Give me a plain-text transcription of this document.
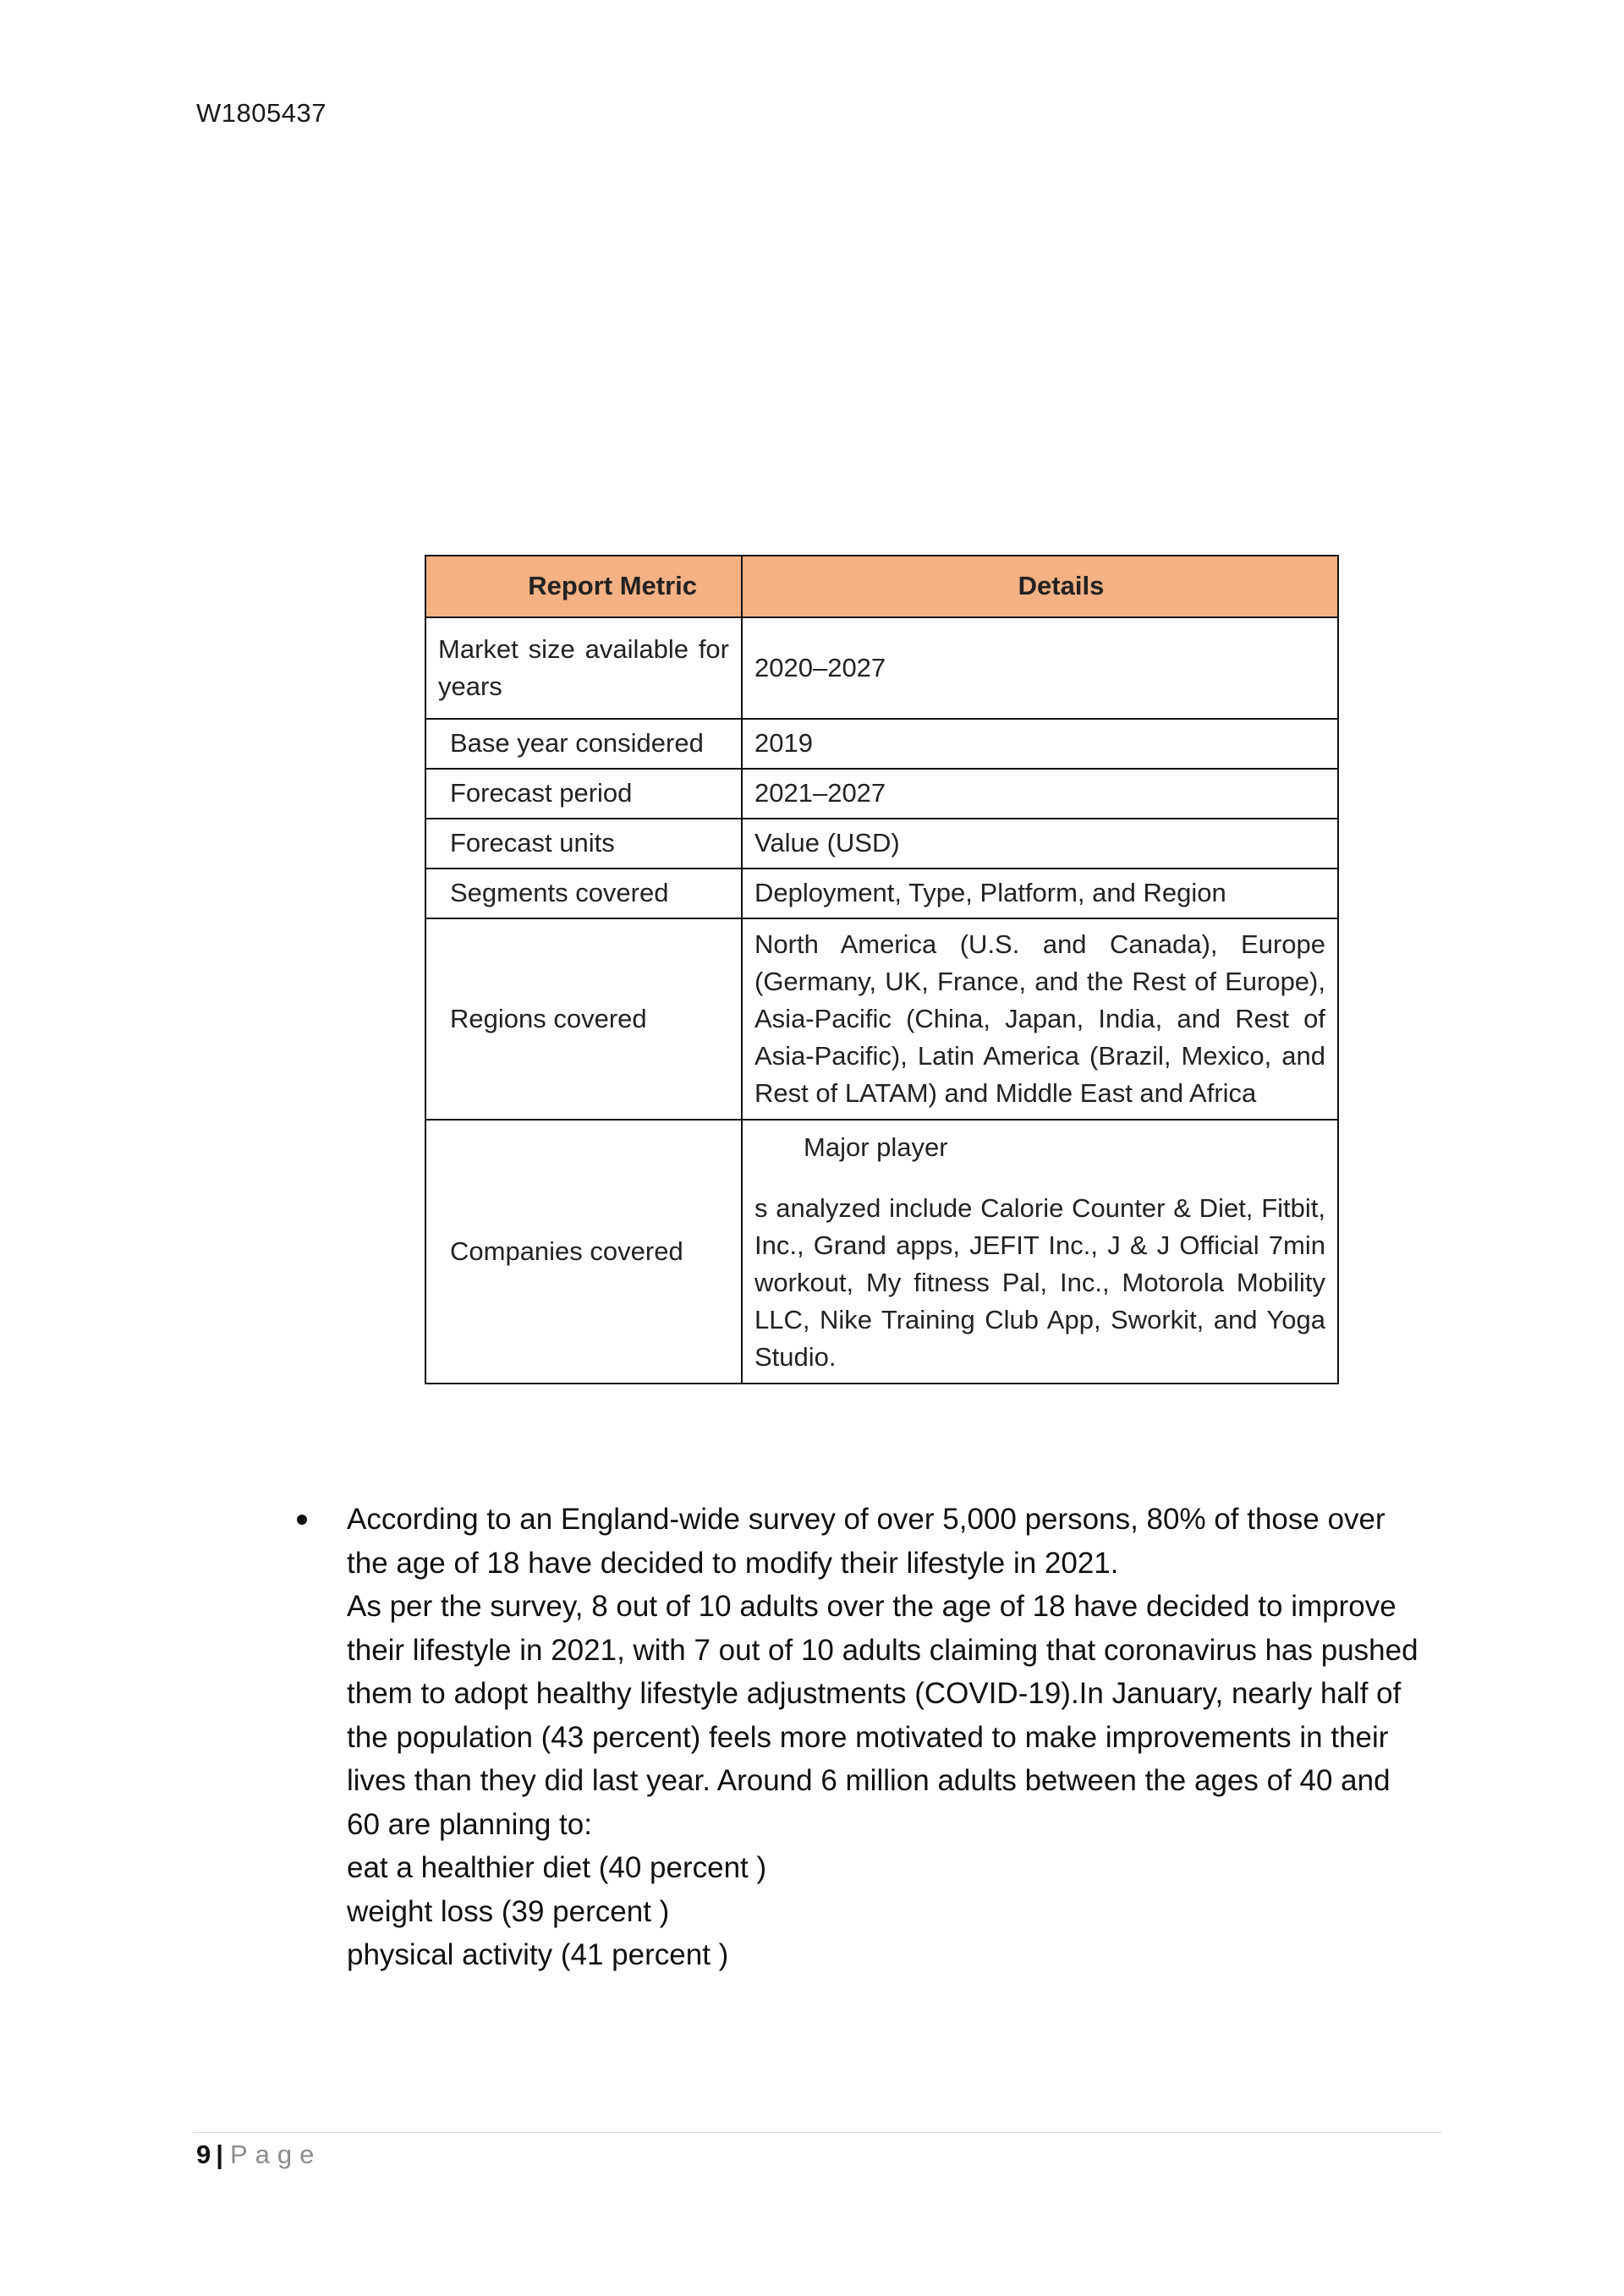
W1805437
Report Metric	Details
Market size available for years	2020–2027
Base year considered	2019
Forecast period	2021–2027
Forecast units	Value (USD)
Segments covered	Deployment, Type, Platform, and Region
Regions covered	North America (U.S. and Canada), Europe (Germany, UK, France, and the Rest of Europe), Asia-Pacific (China, Japan, India, and Rest of Asia-Pacific), Latin America (Brazil, Mexico, and Rest of LATAM) and Middle East and Africa
Companies covered	Major player
s analyzed include Calorie Counter & Diet, Fitbit, Inc., Grand apps, JEFIT Inc., J & J Official 7min workout, My fitness Pal, Inc., Motorola Mobility LLC, Nike Training Club App, Sworkit, and Yoga Studio.
According to an England-wide survey of over 5,000 persons, 80% of those over the age of 18 have decided to modify their lifestyle in 2021.
As per the survey, 8 out of 10 adults over the age of 18 have decided to improve their lifestyle in 2021, with 7 out of 10 adults claiming that coronavirus has pushed them to adopt healthy lifestyle adjustments (COVID-19).In January, nearly half of the population (43 percent) feels more motivated to make improvements in their lives than they did last year. Around 6 million adults between the ages of 40 and 60 are planning to:
eat a healthier diet (40 percent )
weight loss (39 percent )
physical activity (41 percent )
9 | Page
